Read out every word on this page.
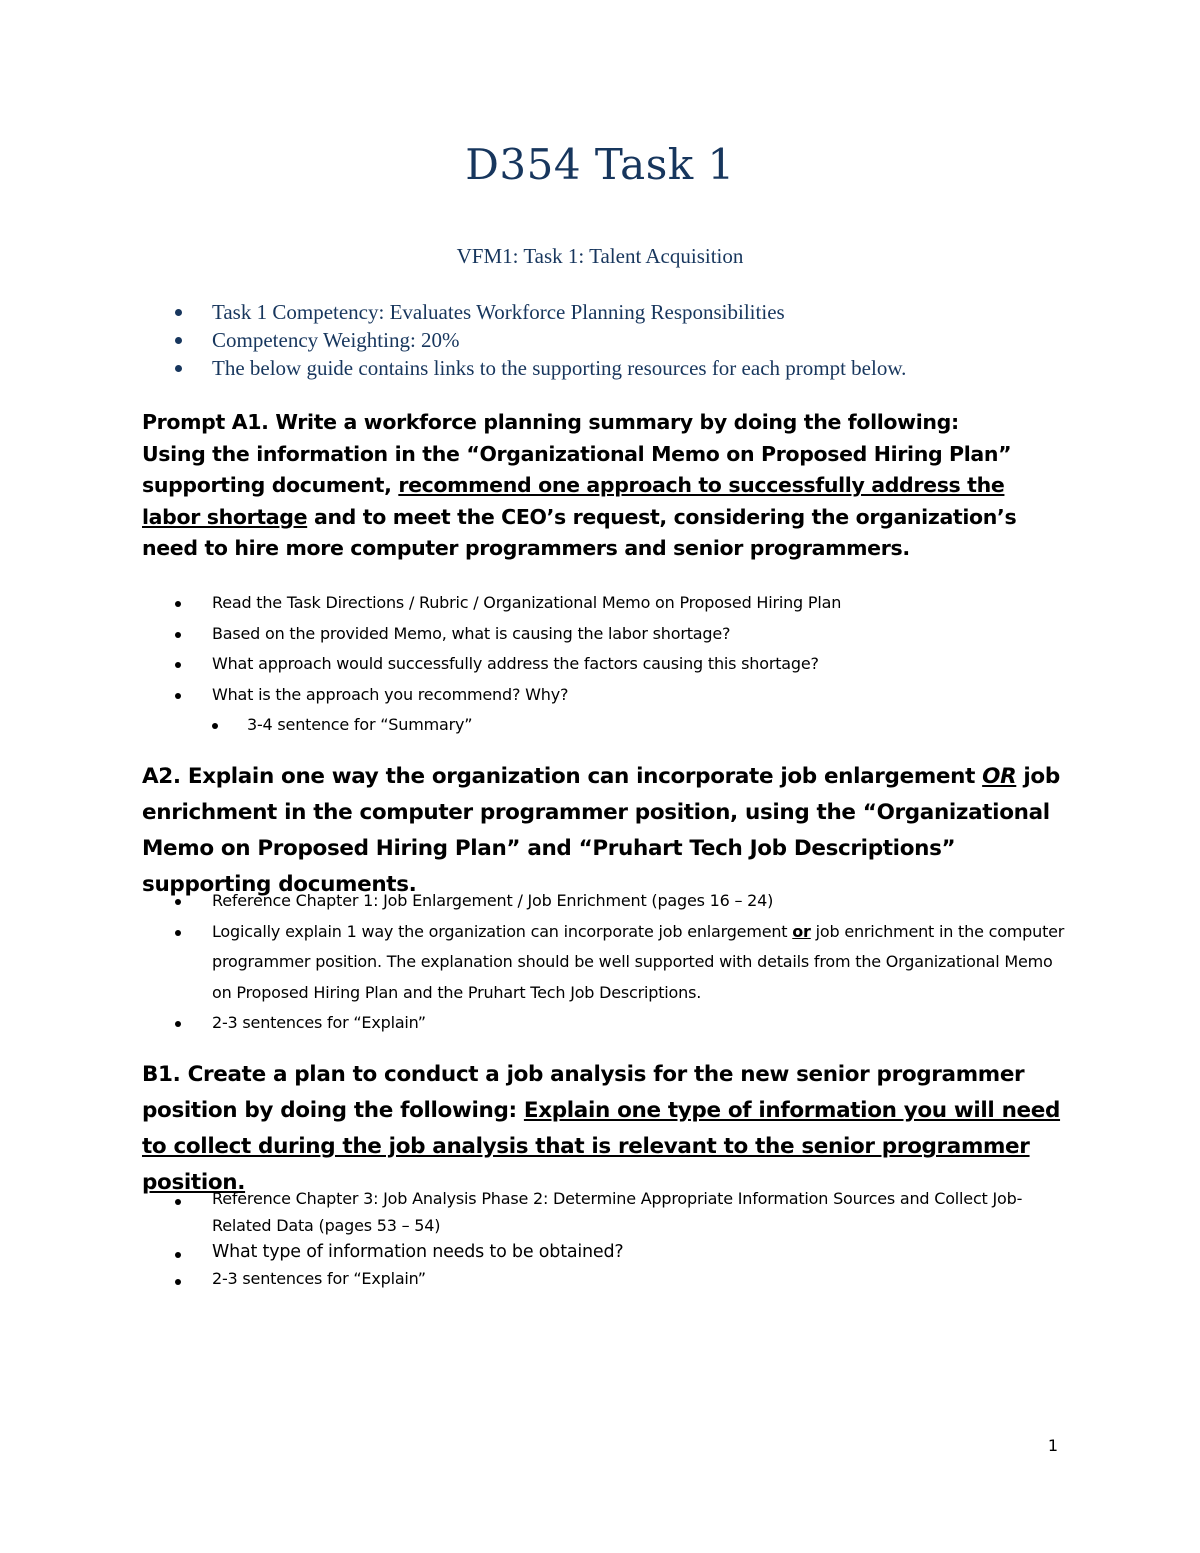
D354 Task 1
VFM1: Task 1: Talent Acquisition
Task 1 Competency: Evaluates Workforce Planning Responsibilities
Competency Weighting: 20%
The below guide contains links to the supporting resources for each prompt below.
Prompt A1. Write a workforce planning summary by doing the following:
Using the information in the “Organizational Memo on Proposed Hiring Plan” supporting document, recommend one approach to successfully address the labor shortage and to meet the CEO’s request, considering the organization’s need to hire more computer programmers and senior programmers.
Read the Task Directions / Rubric / Organizational Memo on Proposed Hiring Plan
Based on the provided Memo, what is causing the labor shortage?
What approach would successfully address the factors causing this shortage?
What is the approach you recommend? Why?
3-4 sentence for “Summary”
A2. Explain one way the organization can incorporate job enlargement OR job enrichment in the computer programmer position, using the “Organizational Memo on Proposed Hiring Plan” and “Pruhart Tech Job Descriptions” supporting documents.
Reference Chapter 1: Job Enlargement / Job Enrichment (pages 16 – 24)
Logically explain 1 way the organization can incorporate job enlargement or job enrichment in the computer programmer position. The explanation should be well supported with details from the Organizational Memo on Proposed Hiring Plan and the Pruhart Tech Job Descriptions.
2-3 sentences for “Explain”
B1. Create a plan to conduct a job analysis for the new senior programmer position by doing the following: Explain one type of information you will need to collect during the job analysis that is relevant to the senior programmer position.
Reference Chapter 3: Job Analysis Phase 2: Determine Appropriate Information Sources and Collect Job-Related Data (pages 53 – 54)
What type of information needs to be obtained?
2-3 sentences for “Explain”
1
